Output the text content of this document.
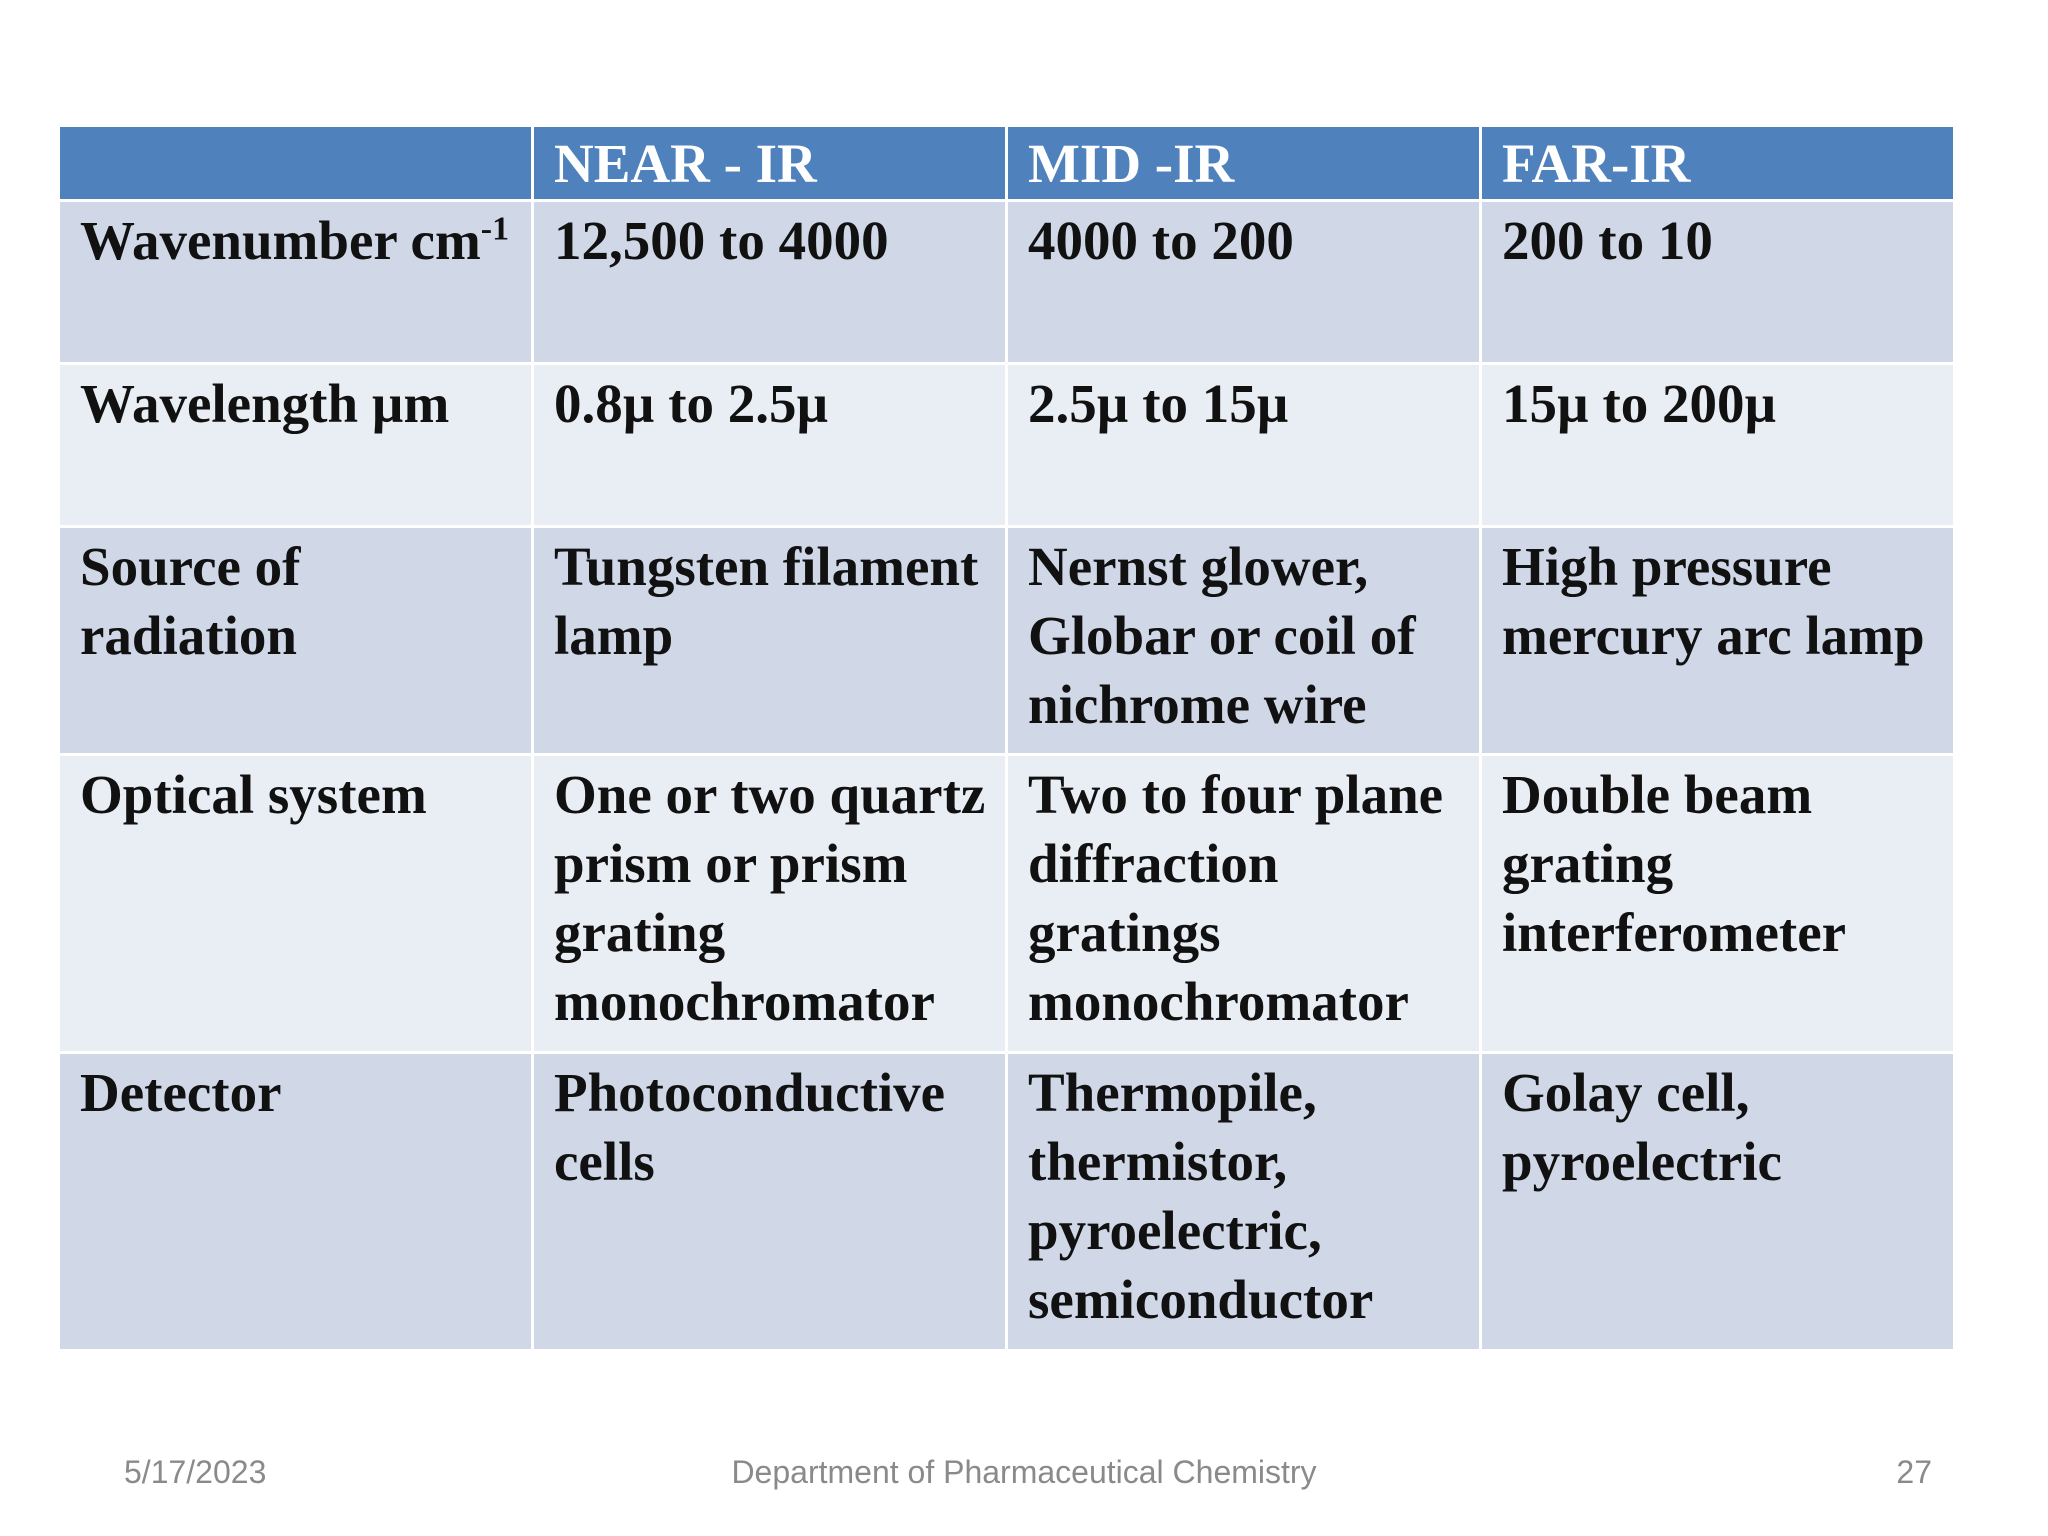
	NEAR - IR	MID -IR	FAR-IR
Wavenumber $cm^{-1}$	12,500 to 4000	4000 to 200	200 to 10
Wavelength µm	0.8µ to 2.5µ	2.5µ to 15µ	15µ to 200µ
Source of radiation	Tungsten filament lamp	Nernst glower, Globar or coil of nichrome wire	High pressure mercury arc lamp
Optical system	One or two quartz prism or prism grating monochromator	Two to four plane diffraction gratings monochromator	Double beam grating interferometer
Detector	Photoconductive cells	Thermopile, thermistor, pyroelectric, semiconductor	Golay cell, pyroelectric
5/17/2023	Department of Pharmaceutical Chemistry	27
